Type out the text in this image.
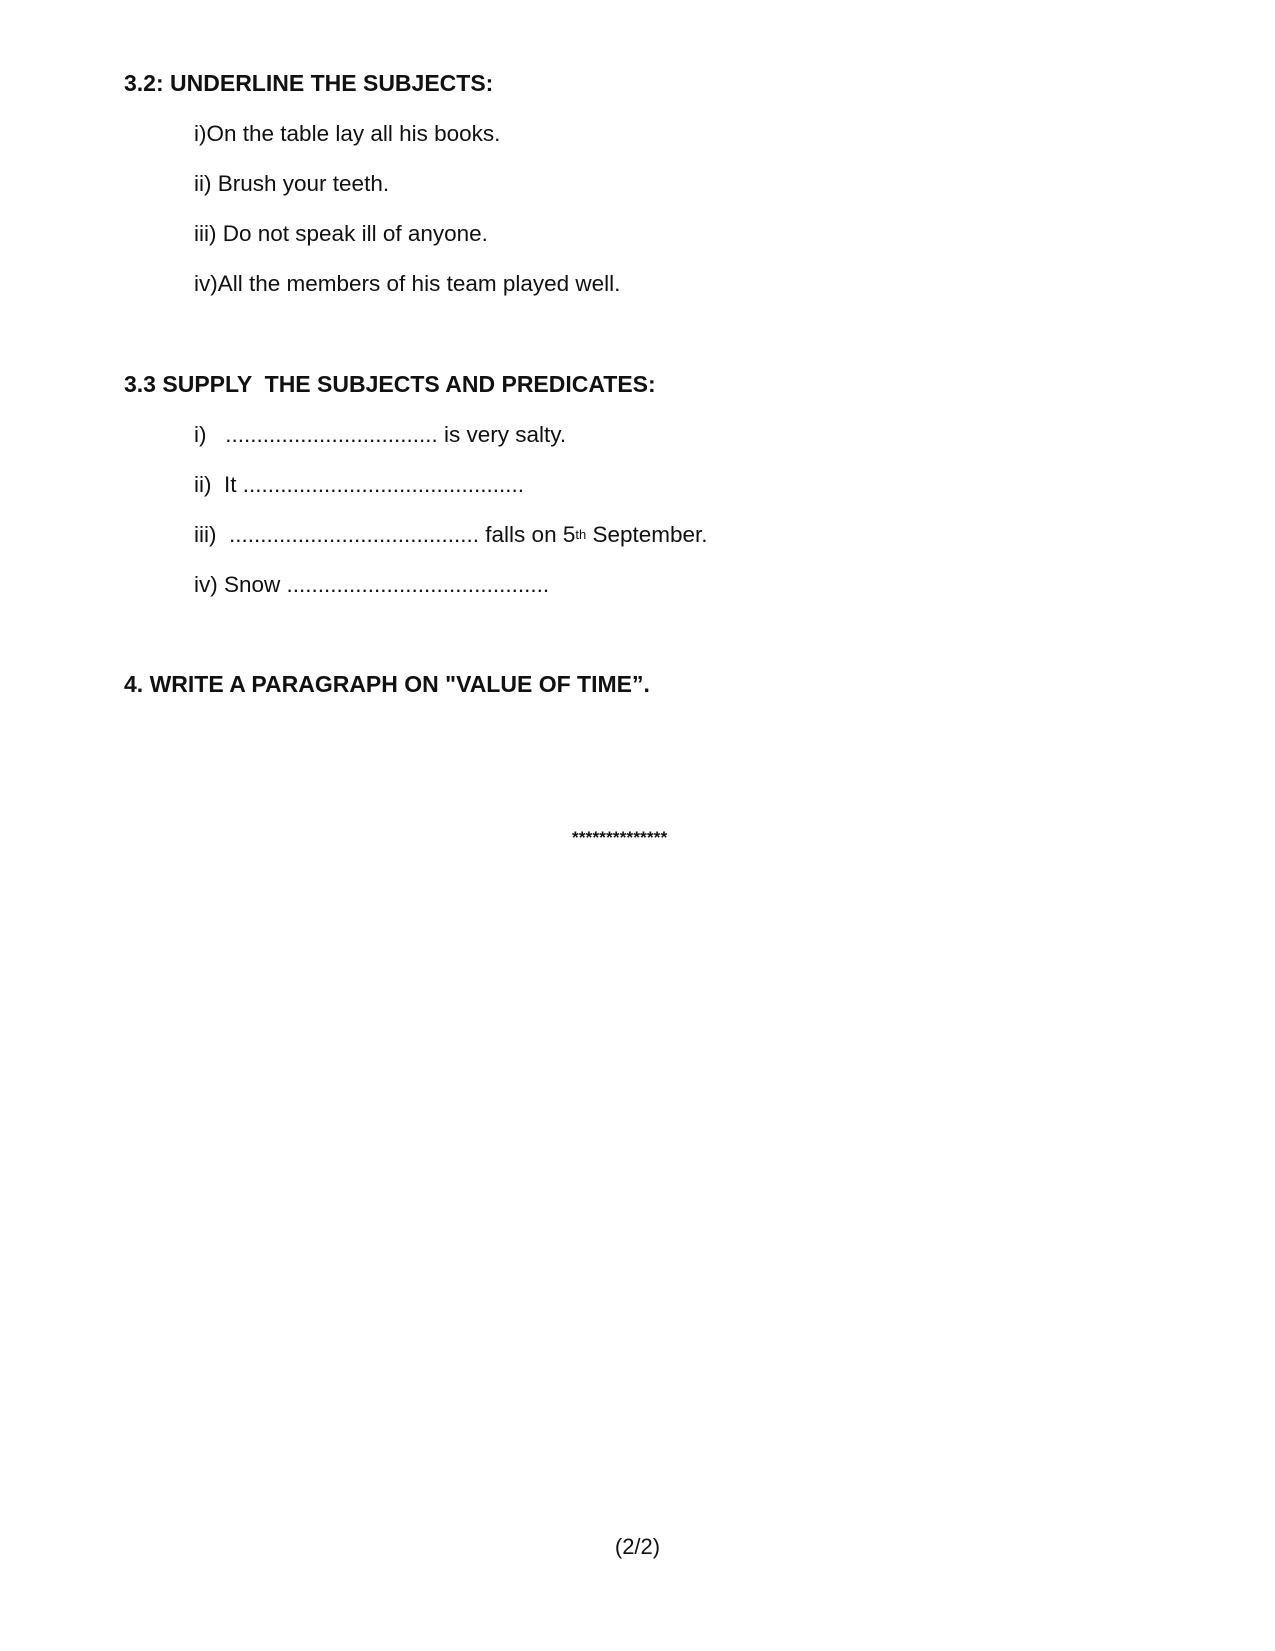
3.2: UNDERLINE THE SUBJECTS:
i)On the table lay all his books.
ii) Brush your teeth.
iii) Do not speak ill of anyone.
iv)All the members of his team played well.
3.3 SUPPLY  THE SUBJECTS AND PREDICATES:
i)   .................................. is very salty.
ii)  It .............................................
iii)  ........................................ falls on 5th September.
iv) Snow ..........................................
4. WRITE A PARAGRAPH ON "VALUE OF TIME”.
**************
(2/2)
